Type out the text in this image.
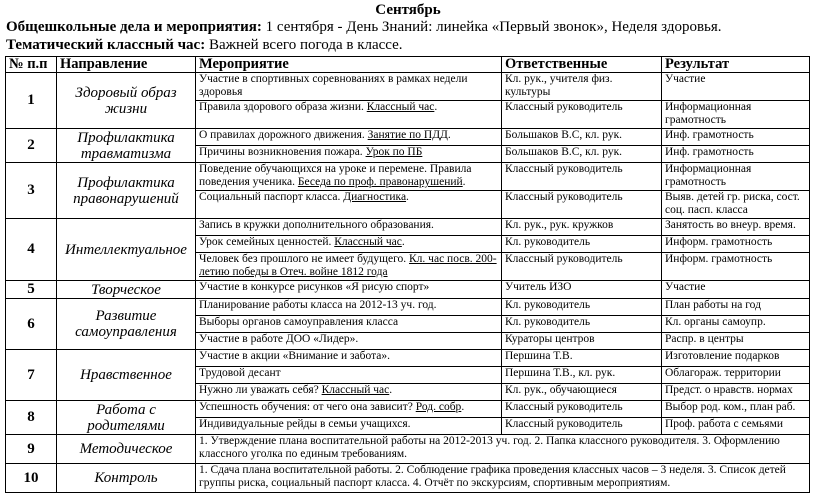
Сентябрь
Общешкольные дела и мероприятия: 1 сентября - День Знаний: линейка «Первый звонок», Неделя здоровья.
Тематический классный час: Важней всего погода в классе.
№ п.п	Направление	Мероприятие	Ответственные	Результат
1	Здоровый образ жизни	Участие в спортивных соревнованиях в рамках недели здоровья	Кл. рук., учителя физ. культуры	Участие
		Правила здорового образа жизни. Классный час.	Классный руководитель	Информационная грамотность
2	Профилактика травматизма	О правилах дорожного движения. Занятие по ПДД.	Большаков В.С, кл. рук.	Инф. грамотность
		Причины возникновения пожара. Урок по ПБ	Большаков В.С, кл. рук.	Инф. грамотность
3	Профилактика правонарушений	Поведение обучающихся на уроке и перемене. Правила поведения ученика. Беседа по проф. правонарушений.	Классный руководитель	Информационная грамотность
		Социальный паспорт класса. Диагностика.	Классный руководитель	Выяв. детей гр. риска, сост. соц. пасп. класса
4	Интеллектуальное	Запись в кружки дополнительного образования.	Кл. рук., рук. кружков	Занятость во внеур. время.
		Урок семейных ценностей. Классный час.	Кл. руководитель	Информ. грамотность
		Человек без прошлого не имеет будущего. Кл. час посв. 200-летию победы в Отеч. войне 1812 года	Классный руководитель	Информ. грамотность
5	Творческое	Участие в конкурсе рисунков «Я рисую спорт»	Учитель ИЗО	Участие
6	Развитие самоуправления	Планирование работы класса на 2012-13 уч. год.	Кл. руководитель	План работы на год
		Выборы органов самоуправления класса	Кл. руководитель	Кл. органы самоупр.
		Участие в работе ДОО «Лидер».	Кураторы центров	Распр. в центры
7	Нравственное	Участие в акции «Внимание и забота».	Першина Т.В.	Изготовление подарков
		Трудовой десант	Першина Т.В., кл. рук.	Облагораж. территории
		Нужно ли уважать себя? Классный час.	Кл. рук., обучающиеся	Предст. о нравств. нормах
8	Работа с родителями	Успешность обучения: от чего она зависит? Род. собр.	Классный руководитель	Выбор род. ком., план раб.
		Индивидуальные рейды в семьи учащихся.	Классный руководитель	Проф. работа с семьями
9	Методическое	1. Утверждение плана воспитательной работы на 2012-2013 уч. год. 2. Папка классного руководителя. 3. Оформлению классного уголка по единым требованиям.		
10	Контроль	1. Сдача плана воспитательной работы. 2. Соблюдение графика проведения классных часов – 3 неделя. 3. Список детей группы риска, социальный паспорт класса. 4. Отчёт по экскурсиям, спортивным мероприятиям.		
